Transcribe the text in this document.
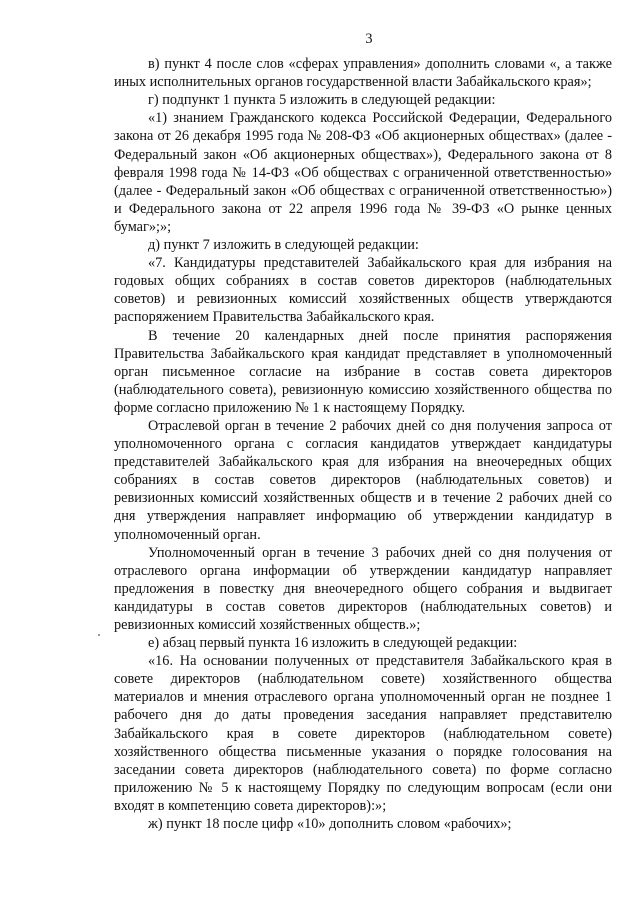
3

в) пункт 4 после слов «сферах управления» дополнить словами «, а также иных исполнительных органов государственной власти Забайкальского края»;

г) подпункт 1 пункта 5 изложить в следующей редакции:

«1) знанием Гражданского кодекса Российской Федерации, Федерального закона от 26 декабря 1995 года № 208-ФЗ «Об акционерных обществах» (далее - Федеральный закон «Об акционерных обществах»), Федерального закона от 8 февраля 1998 года № 14-ФЗ «Об обществах с ограниченной ответственностью» (далее - Федеральный закон «Об обществах с ограниченной ответственностью») и Федерального закона от 22 апреля 1996 года № 39-ФЗ «О рынке ценных бумаг»;»;

д) пункт 7 изложить в следующей редакции:

«7. Кандидатуры представителей Забайкальского края для избрания на годовых общих собраниях в состав советов директоров (наблюдательных советов) и ревизионных комиссий хозяйственных обществ утверждаются распоряжением Правительства Забайкальского края.

В течение 20 календарных дней после принятия распоряжения Правительства Забайкальского края кандидат представляет в уполномоченный орган письменное согласие на избрание в состав совета директоров (наблюдательного совета), ревизионную комиссию хозяйственного общества по форме согласно приложению № 1 к настоящему Порядку.

Отраслевой орган в течение 2 рабочих дней со дня получения запроса от уполномоченного органа с согласия кандидатов утверждает кандидатуры представителей Забайкальского края для избрания на внеочередных общих собраниях в состав советов директоров (наблюдательных советов) и ревизионных комиссий хозяйственных обществ и в течение 2 рабочих дней со дня утверждения направляет информацию об утверждении кандидатур в уполномоченный орган.

Уполномоченный орган в течение 3 рабочих дней со дня получения от отраслевого органа информации об утверждении кандидатур направляет предложения в повестку дня внеочередного общего собрания и выдвигает кандидатуры в состав советов директоров (наблюдательных советов) и ревизионных комиссий хозяйственных обществ.»;

е) абзац первый пункта 16 изложить в следующей редакции:

«16. На основании полученных от представителя Забайкальского края в совете директоров (наблюдательном совете) хозяйственного общества материалов и мнения отраслевого органа уполномоченный орган не позднее 1 рабочего дня до даты проведения заседания направляет представителю Забайкальского края в совете директоров (наблюдательном совете) хозяйственного общества письменные указания о порядке голосования на заседании совета директоров (наблюдательного совета) по форме согласно приложению № 5 к настоящему Порядку по следующим вопросам (если они входят в компетенцию совета директоров):»;

ж) пункт 18 после цифр «10» дополнить словом «рабочих»;
